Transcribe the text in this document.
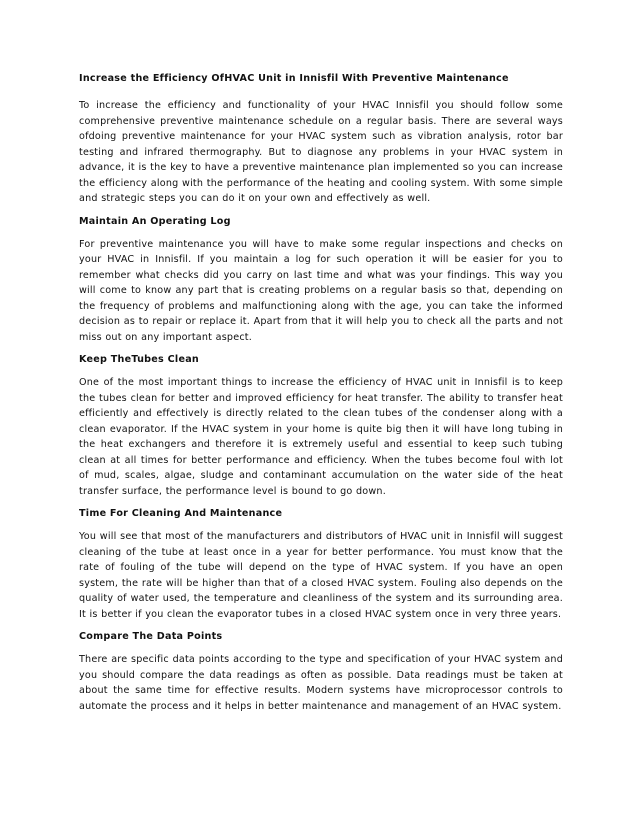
Increase the Efficiency OfHVAC Unit in Innisfil With Preventive Maintenance

To increase the efficiency and functionality of your HVAC Innisfil you should follow some comprehensive preventive maintenance schedule on a regular basis. There are several ways ofdoing preventive maintenance for your HVAC system such as vibration analysis, rotor bar testing and infrared thermography. But to diagnose any problems in your HVAC system in advance, it is the key to have a preventive maintenance plan implemented so you can increase the efficiency along with the performance of the heating and cooling system. With some simple and strategic steps you can do it on your own and effectively as well.

Maintain An Operating Log

For preventive maintenance you will have to make some regular inspections and checks on your HVAC in Innisfil. If you maintain a log for such operation it will be easier for you to remember what checks did you carry on last time and what was your findings. This way you will come to know any part that is creating problems on a regular basis so that, depending on the frequency of problems and malfunctioning along with the age, you can take the informed decision as to repair or replace it. Apart from that it will help you to check all the parts and not miss out on any important aspect.

Keep TheTubes Clean

One of the most important things to increase the efficiency of HVAC unit in Innisfil is to keep the tubes clean for better and improved efficiency for heat transfer. The ability to transfer heat efficiently and effectively is directly related to the clean tubes of the condenser along with a clean evaporator. If the HVAC system in your home is quite big then it will have long tubing in the heat exchangers and therefore it is extremely useful and essential to keep such tubing clean at all times for better performance and efficiency. When the tubes become foul with lot of mud, scales, algae, sludge and contaminant accumulation on the water side of the heat transfer surface, the performance level is bound to go down.

Time For Cleaning And Maintenance

You will see that most of the manufacturers and distributors of HVAC unit in Innisfil will suggest cleaning of the tube at least once in a year for better performance. You must know that the rate of fouling of the tube will depend on the type of HVAC system. If you have an open system, the rate will be higher than that of a closed HVAC system. Fouling also depends on the quality of water used, the temperature and cleanliness of the system and its surrounding area. It is better if you clean the evaporator tubes in a closed HVAC system once in very three years.

Compare The Data Points

There are specific data points according to the type and specification of your HVAC system and you should compare the data readings as often as possible. Data readings must be taken at about the same time for effective results. Modern systems have microprocessor controls to automate the process and it helps in better maintenance and management of an HVAC system.
